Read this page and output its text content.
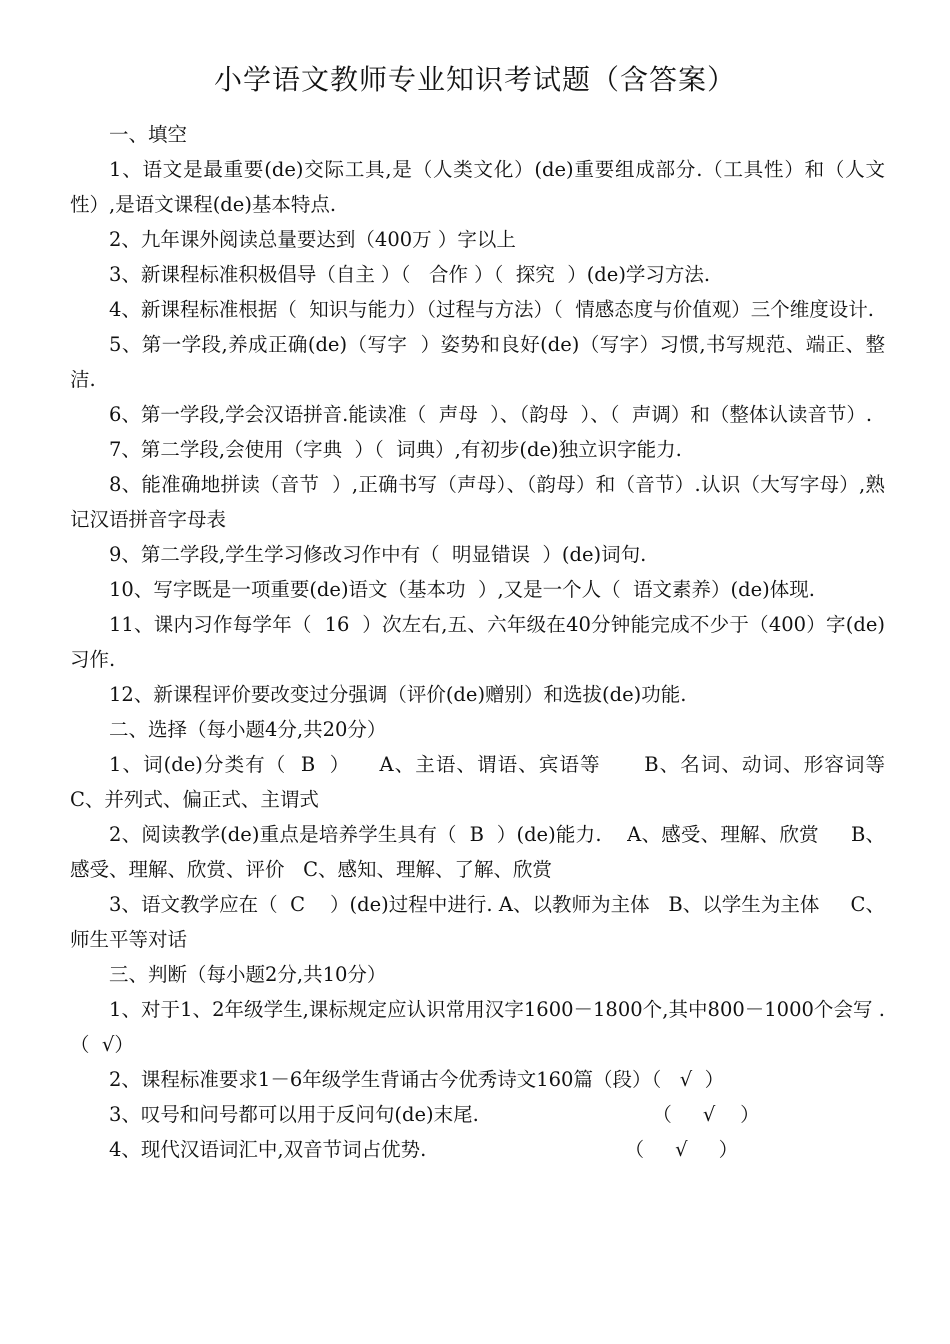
小学语文教师专业知识考试题（含答案）

一、填空

1、语文是最重要(de)交际工具,是（人类文化）(de)重要组成部分.（工具性）和（人文性）,是语文课程(de)基本特点.

2、九年课外阅读总量要达到（400万 ）字以上

3、新课程标准积极倡导（自主 ）（   合作 ）（  探究  ）(de)学习方法.

4、新课程标准根据（  知识与能力）（过程与方法）（  情感态度与价值观）三个维度设计.

5、第一学段,养成正确(de)（写字  ）姿势和良好(de)（写字）习惯,书写规范、端正、整洁.

6、第一学段,学会汉语拼音.能读准（  声母  ）、（韵母  ）、（  声调）和（整体认读音节）.

7、第二学段,会使用（字典  ）（  词典）,有初步(de)独立识字能力.

8、能准确地拼读（音节  ）,正确书写（声母）、（韵母）和（音节）.认识（大写字母）,熟记汉语拼音字母表

9、第二学段,学生学习修改习作中有（  明显错误  ）(de)词句.

10、写字既是一项重要(de)语文（基本功  ）,又是一个人（  语文素养）(de)体现.

11、课内习作每学年（  16  ）次左右,五、六年级在40分钟能完成不少于（400）字(de)习作.

12、新课程评价要改变过分强调（评价(de)赠别）和选拔(de)功能.

二、选择（每小题4分,共20分）

1、词(de)分类有（  B  ）    A、主语、谓语、宾语等      B、名词、动词、形容词等    C、并列式、偏正式、主谓式

2、阅读教学(de)重点是培养学生具有（  B  ）(de)能力.    A、感受、理解、欣赏     B、感受、理解、欣赏、评价   C、感知、理解、了解、欣赏

3、语文教学应在（  C    ）(de)过程中进行. A、以教师为主体   B、以学生为主体     C、师生平等对话

三、判断（每小题2分,共10分）

1、对于1、2年级学生,课标规定应认识常用汉字1600－1800个,其中800－1000个会写 .（  √）

2、课程标准要求1－6年级学生背诵古今优秀诗文160篇（段）（   √  ）

3、叹号和问号都可以用于反问句(de)末尾.                            （     √    ）

4、现代汉语词汇中,双音节词占优势.                                （     √     ）
